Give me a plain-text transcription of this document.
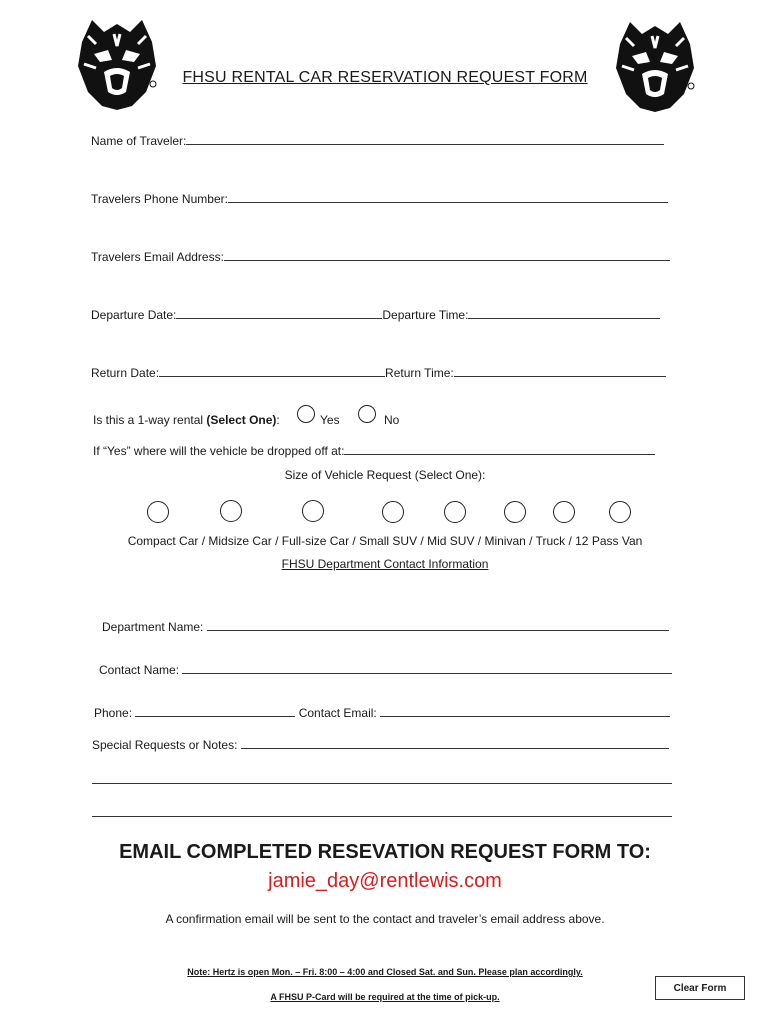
FHSU RENTAL CAR RESERVATION REQUEST FORM
Name of Traveler:
Travelers Phone Number:
Travelers Email Address:
Departure Date:	Departure Time:
Return Date:	Return Time:
Is this a 1-way rental (Select One):	Yes	No
If “Yes” where will the vehicle be dropped off at:
Size of Vehicle Request (Select One):
Compact Car / Midsize Car / Full-size Car / Small SUV / Mid SUV / Minivan / Truck / 12 Pass Van
FHSU Department Contact Information
Department Name:
Contact Name:
Phone:	Contact Email:
Special Requests or Notes:
EMAIL COMPLETED RESEVATION REQUEST FORM TO:
jamie_day@rentlewis.com
A confirmation email will be sent to the contact and traveler’s email address above.
Note: Hertz is open Mon. – Fri. 8:00 – 4:00 and Closed Sat. and Sun. Please plan accordingly.
A FHSU P-Card will be required at the time of pick-up.
Clear Form
